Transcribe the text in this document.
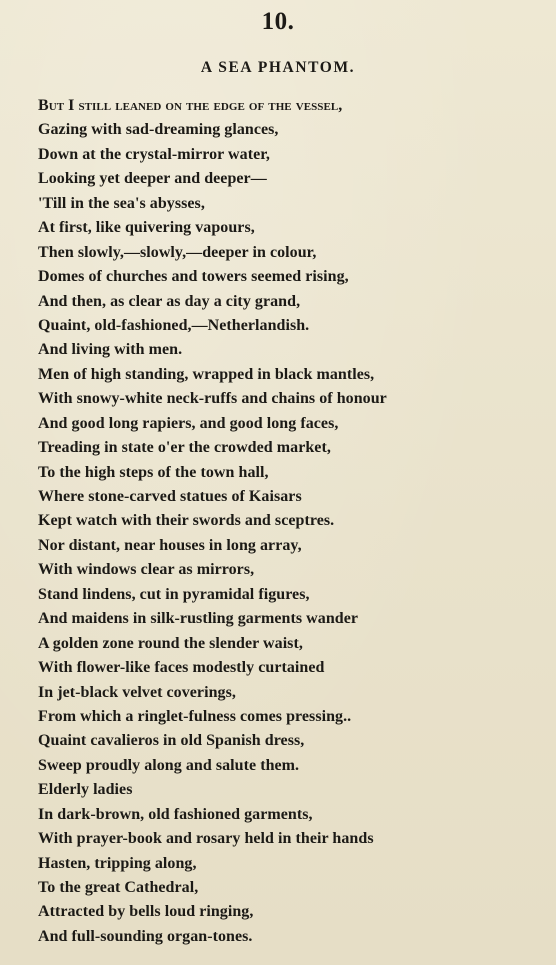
10.
A SEA PHANTOM.
But I still leaned on the edge of the vessel,
Gazing with sad-dreaming glances,
Down at the crystal-mirror water,
Looking yet deeper and deeper—
'Till in the sea's abysses,
At first, like quivering vapours,
Then slowly,—slowly,—deeper in colour,
Domes of churches and towers seemed rising,
And then, as clear as day a city grand,
Quaint, old-fashioned,—Netherlandish.
And living with men.
Men of high standing, wrapped in black mantles,
With snowy-white neck-ruffs and chains of honour
And good long rapiers, and good long faces,
Treading in state o'er the crowded market,
To the high steps of the town hall,
Where stone-carved statues of Kaisars
Kept watch with their swords and sceptres.
Nor distant, near houses in long array,
With windows clear as mirrors,
Stand lindens, cut in pyramidal figures,
And maidens in silk-rustling garments wander
A golden zone round the slender waist,
With flower-like faces modestly curtained
In jet-black velvet coverings,
From which a ringlet-fulness comes pressing..
Quaint cavalieros in old Spanish dress,
Sweep proudly along and salute them.
Elderly ladies
In dark-brown, old fashioned garments,
With prayer-book and rosary held in their hands
Hasten, tripping along,
To the great Cathedral,
Attracted by bells loud ringing,
And full-sounding organ-tones.
